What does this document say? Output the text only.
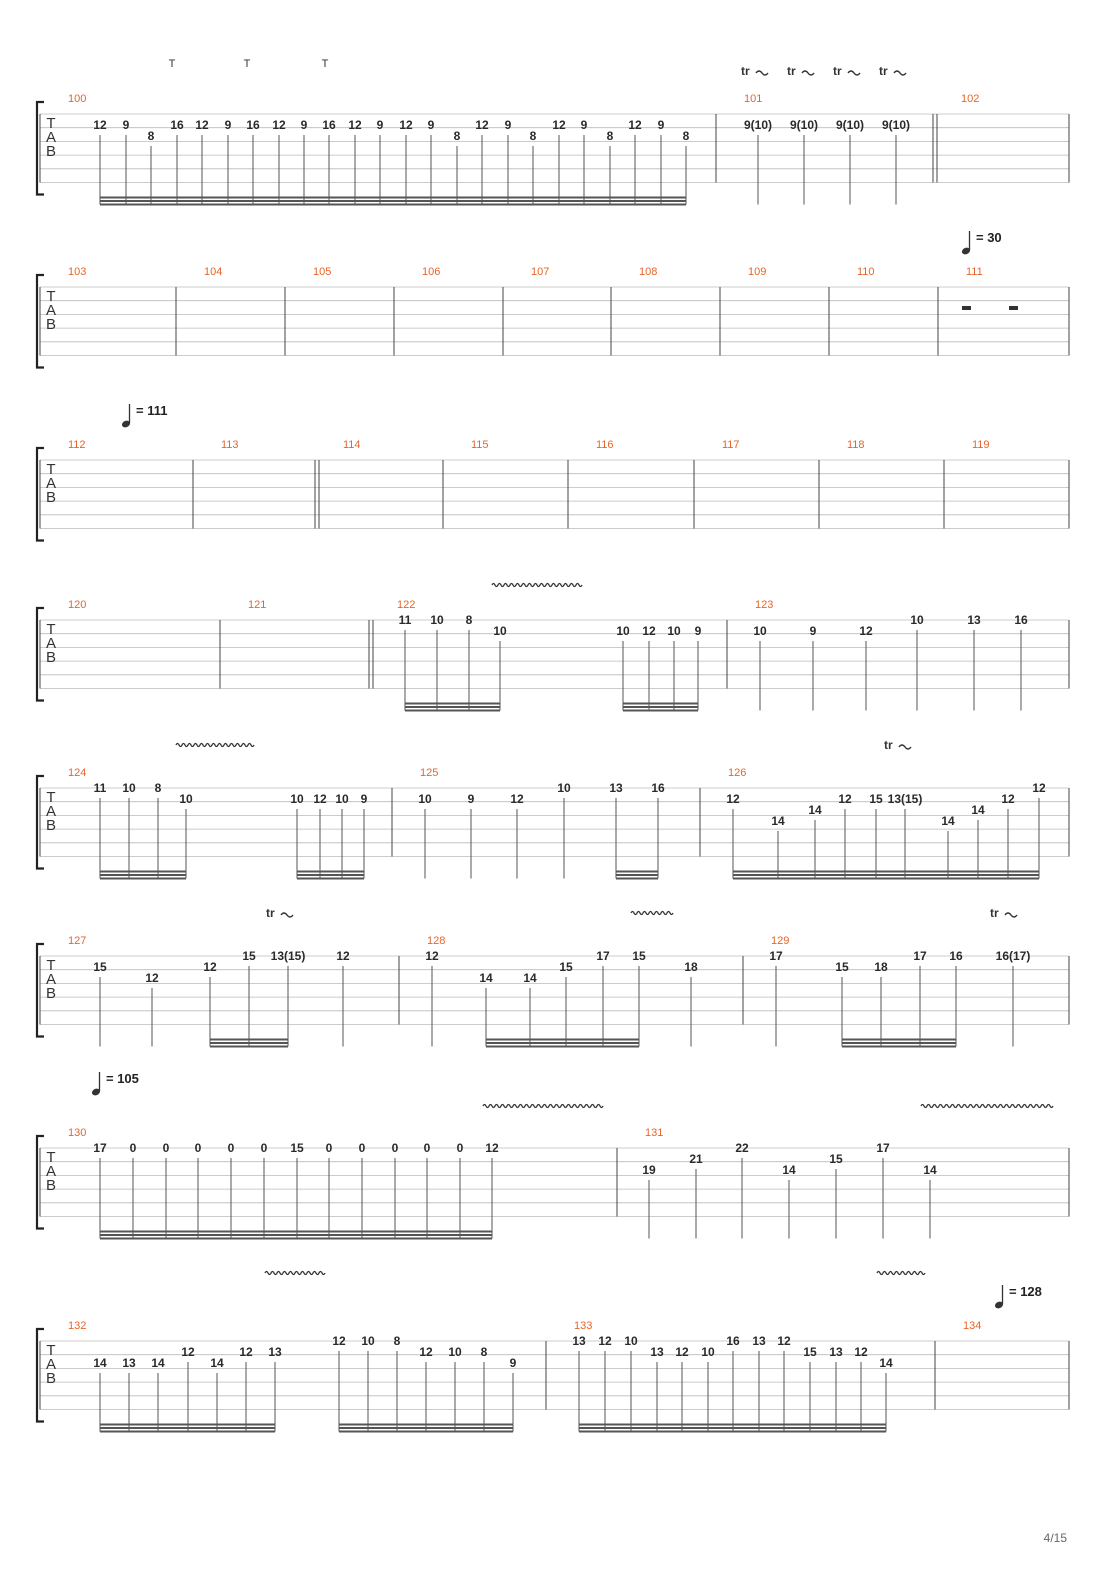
T	T	T
= 30
= 111
= 105
= 128
T
A
B
100	101	102
tr	tr	tr	tr
12 9
8
16 12 9 16 12 9 16 12 9 12 9
8
12 9
8
12 9
8
12 9
8
9(10) 9(10) 9(10) 9(10)
T
A
B
103	104	105	106	107	108	109	110	111
T
A
B
112	113	114	115	116	117	118	119
T
A
B
120	121	122	123
11 10 8
10	10 12 10 9	10	9	12
10	13	16
T
A
B
124	125	126
tr
11 10 8
10	10 12 10 9	10	9	12
10	13 16
12
14
14
12 15 13(15)
14
14
12
12
T
A
B
127	128	129
tr	tr
15
12
12
15 13(15)	12	12
14	14
15
17 15
18
17
15 18
17 16	16(17)
T
A
B
130	131
17 0 0 0 0 0 15 0 0 0 0 0 12
19
21
22
14
15
17
14
T
A
B
132	133	134
14 13 14
12
14
12 13
12 10 8
12 10 8
9
13 12 10
13 12 10
16 13 12
15 13 12
14
4/15
